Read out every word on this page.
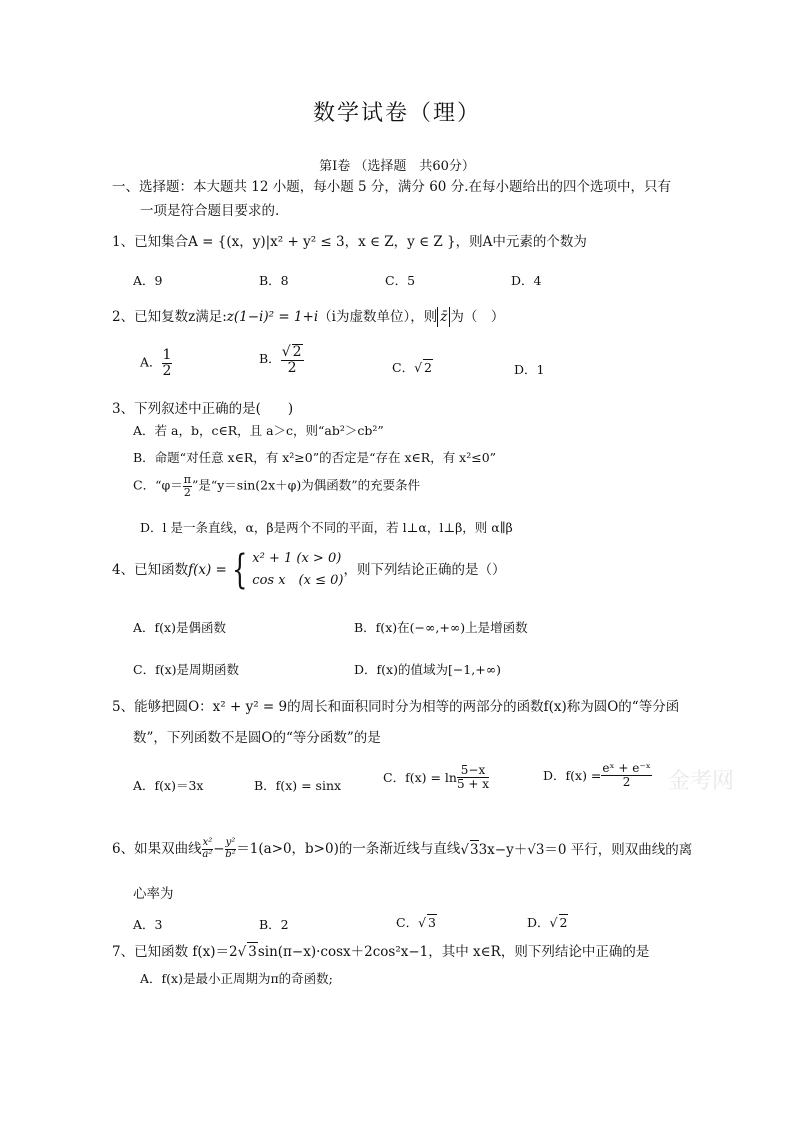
数学试卷（理）
第Ⅰ卷 （选择题　共60分）
一、选择题：本大题共 12 小题，每小题 5 分，满分 60 分.在每小题给出的四个选项中，只有
一项是符合题目要求的.
1、已知集合A = {(x，y)|x² + y² ≤ 3，x ∈ Z，y ∈ Z }，则A中元素的个数为
A．9	B．8	C．5	D．4
2、已知复数z满足:z(1−i)² = 1+i（i为虚数单位），则 z̄ 为（　）
A． $\frac{1}{2}$	B． $\frac{√ 2}{2}$	C．√ 2	D．1
3、下列叙述中正确的是(　　)
A．若 a，b，c∈R，且 a＞c，则“ab²＞cb²”
B．命题“对任意 x∈R，有 x²≥0”的否定是“存在 x∈R，有 x²≤0”
C．“$\varphi= \frac{\pi}{2}$ ”是“y＝sin(2x＋φ)为偶函数”的充要条件
D．l 是一条直线，α，β是两个不同的平面，若 l⊥α，l⊥β，则 α∥β
4、已知函数f(x) = { x² + 1 (x > 0)
cos x　(x ≤ 0)
，则下列结论正确的是（）
A．f(x)是偶函数	B．f(x)在(−∞,+∞)上是增函数
C．f(x)是周期函数	D．f(x)的值域为[−1,+∞)
5、能够把圆O：x² + y² = 9的周长和面积同时分为相等的两部分的函数f(x)称为圆O的“等分函
数”，下列函数不是圆O的“等分函数”的是
A．f(x)＝3x	B．f(x) = sinx
C．$f(x) = \ln \frac{5-x}{5 + x}$	D．$f(x) = \frac{\text{eˣ + e⁻ˣ}}{2}$ 金考网
6、如果双曲线 $\frac{\text{x²}}{\text{a²}} - \frac{\text{y²}}{\text{b²}} =1(a>0$，b>0)的一条渐近线与直线√33x−y＋√3＝0 平行，则双曲线的离
心率为
A．3	B．2	C．√ 3	D．√ 2
7、已知函数 f(x)＝2√ 3sin(π−x)·cosx＋2cos²x−1，其中 x∈R，则下列结论中正确的是
A．f(x)是最小正周期为π的奇函数;
